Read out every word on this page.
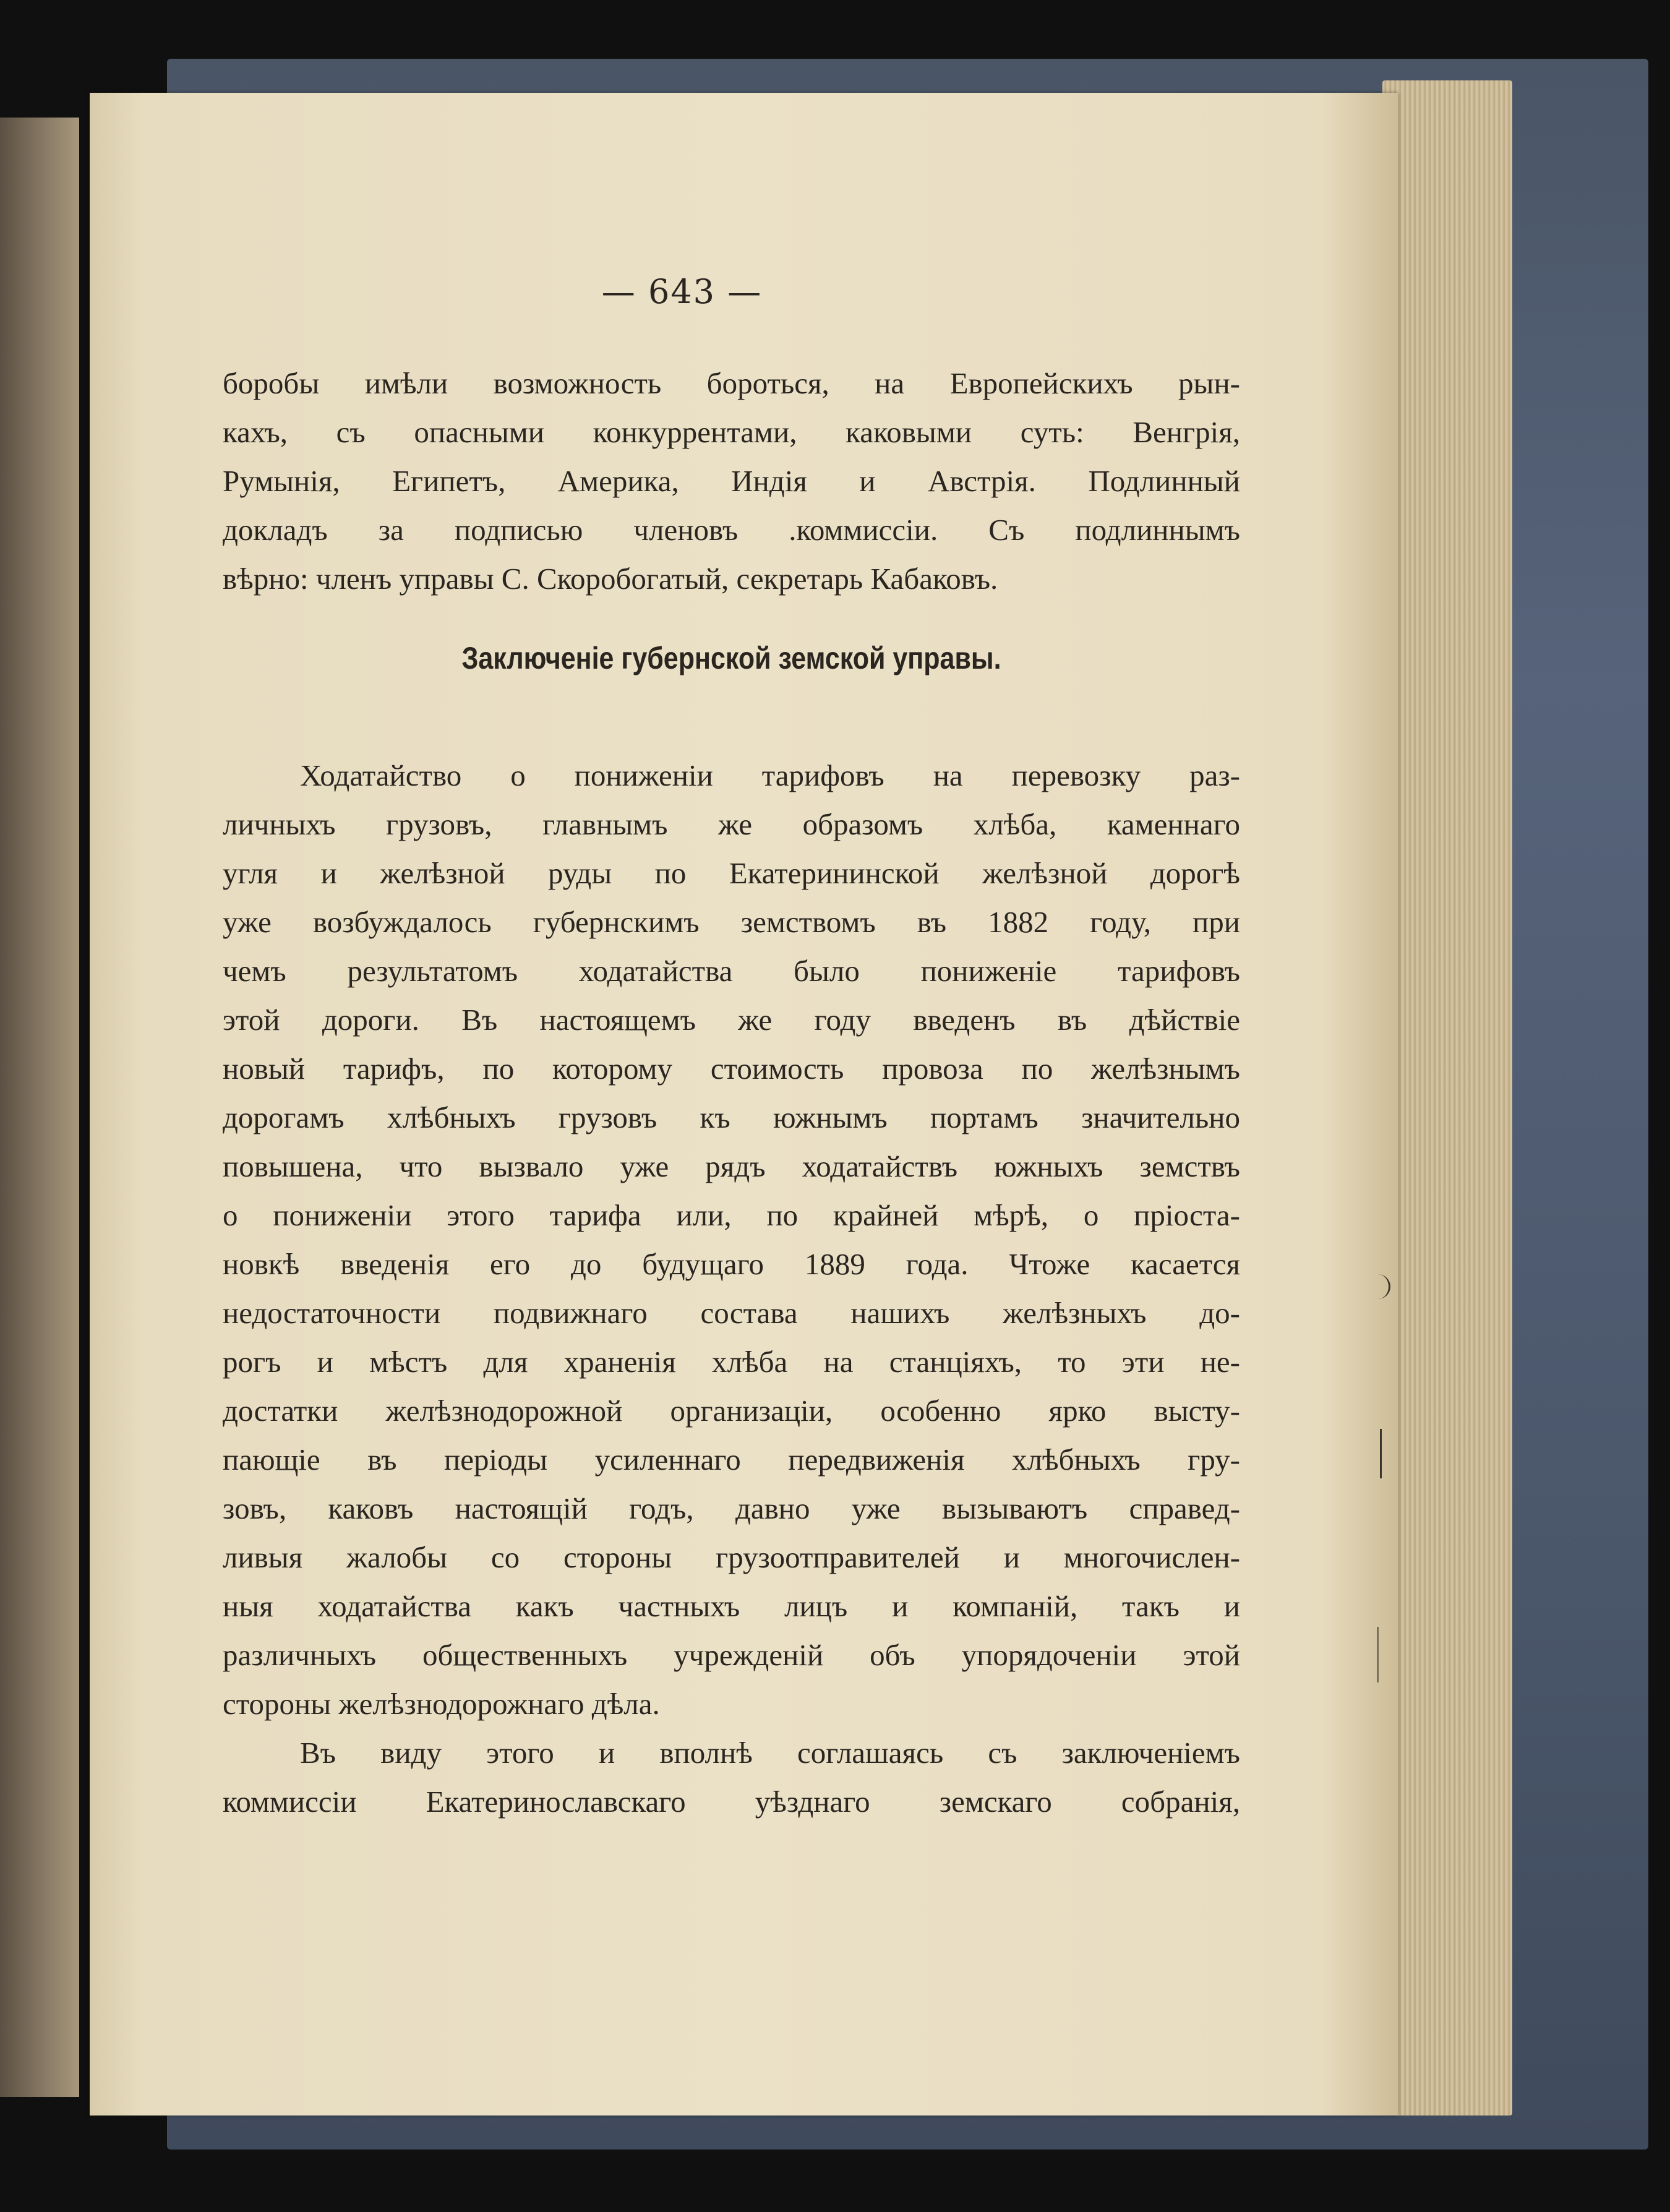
— 643 —
боробы имѣли возможность бороться, на Европейскихъ рын-
кахъ, съ опасными конкуррентами, каковыми суть: Венгрія,
Румынія, Египетъ, Америка, Индія и Австрія. Подлинный
докладъ за подписью членовъ .коммиссіи. Съ подлиннымъ
вѣрно: членъ управы С. Скоробогатый, секретарь Кабаковъ.
Заключеніе губернской земской управы.
Ходатайство о пониженіи тарифовъ на перевозку раз-
личныхъ грузовъ, главнымъ же образомъ хлѣба, каменнаго
угля и желѣзной руды по Екатерининской желѣзной дорогѣ
уже возбуждалось губернскимъ земствомъ въ 1882 году, при
чемъ результатомъ ходатайства было пониженіе тарифовъ
этой дороги. Въ настоящемъ же году введенъ въ дѣйствіе
новый тарифъ, по которому стоимость провоза по желѣзнымъ
дорогамъ хлѣбныхъ грузовъ къ южнымъ портамъ значительно
повышена, что вызвало уже рядъ ходатайствъ южныхъ земствъ
о пониженіи этого тарифа или, по крайней мѣрѣ, о пріоста-
новкѣ введенія его до будущаго 1889 года. Чтоже касается
недостаточности подвижнаго состава нашихъ желѣзныхъ до-
рогъ и мѣстъ для храненія хлѣба на станціяхъ, то эти не-
достатки желѣзнодорожной организаціи, особенно ярко высту-
пающіе въ періоды усиленнаго передвиженія хлѣбныхъ гру-
зовъ, каковъ настоящій годъ, давно уже вызываютъ справед-
ливыя жалобы со стороны грузоотправителей и многочислен-
ныя ходатайства какъ частныхъ лицъ и компаній, такъ и
различныхъ общественныхъ учрежденій объ упорядоченіи этой
стороны желѣзнодорожнаго дѣла.
Въ виду этого и вполнѣ соглашаясь съ заключеніемъ
коммиссіи Екатеринославскаго уѣзднаго земскаго собранія,
